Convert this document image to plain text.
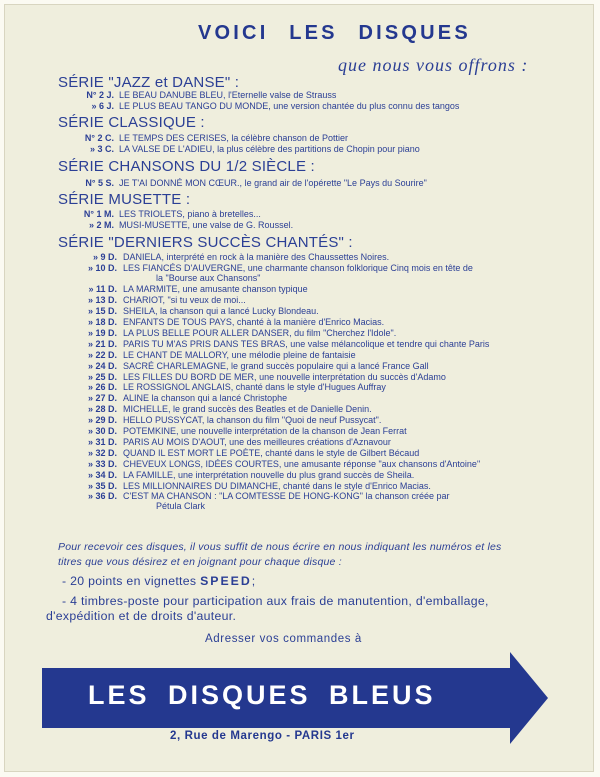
VOICI LES DISQUES
que nous vous offrons :
SÉRIE "JAZZ et DANSE" :
N° 2 J. LE BEAU DANUBE BLEU, l'Eternelle valse de Strauss
» 6 J. LE PLUS BEAU TANGO DU MONDE, une version chantée du plus connu des tangos
SÉRIE CLASSIQUE :
N° 2 C. LE TEMPS DES CERISES, la célèbre chanson de Pottier
» 3 C. LA VALSE DE L'ADIEU, la plus célèbre des partitions de Chopin pour piano
SÉRIE CHANSONS DU 1/2 SIÈCLE :
N° 5 S. JE T'AI DONNÉ MON CŒUR., le grand air de l'opérette "Le Pays du Sourire"
SÉRIE MUSETTE :
N° 1 M. LES TRIOLETS, piano à bretelles...
» 2 M. MUSI-MUSETTE, une valse de G. Roussel.
SÉRIE "DERNIERS SUCCÈS CHANTÉS" :
» 9 D. DANIELA, interprété en rock à la manière des Chaussettes Noires.
» 10 D. LES FIANCÉS D'AUVERGNE, une charmante chanson folklorique Cinq mois en tête de
la "Bourse aux Chansons"
» 11 D. LA MARMITE, une amusante chanson typique
» 13 D. CHARIOT, "si tu veux de moi...
» 15 D. SHEILA, la chanson qui a lancé Lucky Blondeau.
» 18 D. ENFANTS DE TOUS PAYS, chanté à la manière d'Enrico Macias.
» 19 D. LA PLUS BELLE POUR ALLER DANSER, du film "Cherchez l'Idole".
» 21 D. PARIS TU M'AS PRIS DANS TES BRAS, une valse mélancolique et tendre qui chante Paris
» 22 D. LE CHANT DE MALLORY, une mélodie pleine de fantaisie
» 24 D. SACRÉ CHARLEMAGNE, le grand succès populaire qui a lancé France Gall
» 25 D. LES FILLES DU BORD DE MER, une nouvelle interprétation du succès d'Adamo
» 26 D. LE ROSSIGNOL ANGLAIS, chanté dans le style d'Hugues Auffray
» 27 D. ALINE la chanson qui a lancé Christophe
» 28 D. MICHELLE, le grand succès des Beatles et de Danielle Denin.
» 29 D. HELLO PUSSYCAT, la chanson du film "Quoi de neuf Pussycat".
» 30 D. POTEMKINE, une nouvelle interprétation de la chanson de Jean Ferrat
» 31 D. PARIS AU MOIS D'AOUT, une des meilleures créations d'Aznavour
» 32 D. QUAND IL EST MORT LE POÈTE, chanté dans le style de Gilbert Bécaud
» 33 D. CHEVEUX LONGS, IDÉES COURTES, une amusante réponse "aux chansons d'Antoine"
» 34 D. LA FAMILLE, une interprétation nouvelle du plus grand succès de Sheila.
» 35 D. LES MILLIONNAIRES DU DIMANCHE, chanté dans le style d'Enrico Macias.
» 36 D. C'EST MA CHANSON : "LA COMTESSE DE HONG-KONG" la chanson créée par
Pétula Clark
Pour recevoir ces disques, il vous suffit de nous écrire en nous indiquant les numéros et les
titres que vous désirez et en joignant pour chaque disque :
- 20 points en vignettes SPEED;
- 4 timbres-poste pour participation aux frais de manutention, d'emballage,
d'expédition et de droits d'auteur.
Adresser vos commandes à
LES DISQUES BLEUS
2, Rue de Marengo - PARIS 1er
